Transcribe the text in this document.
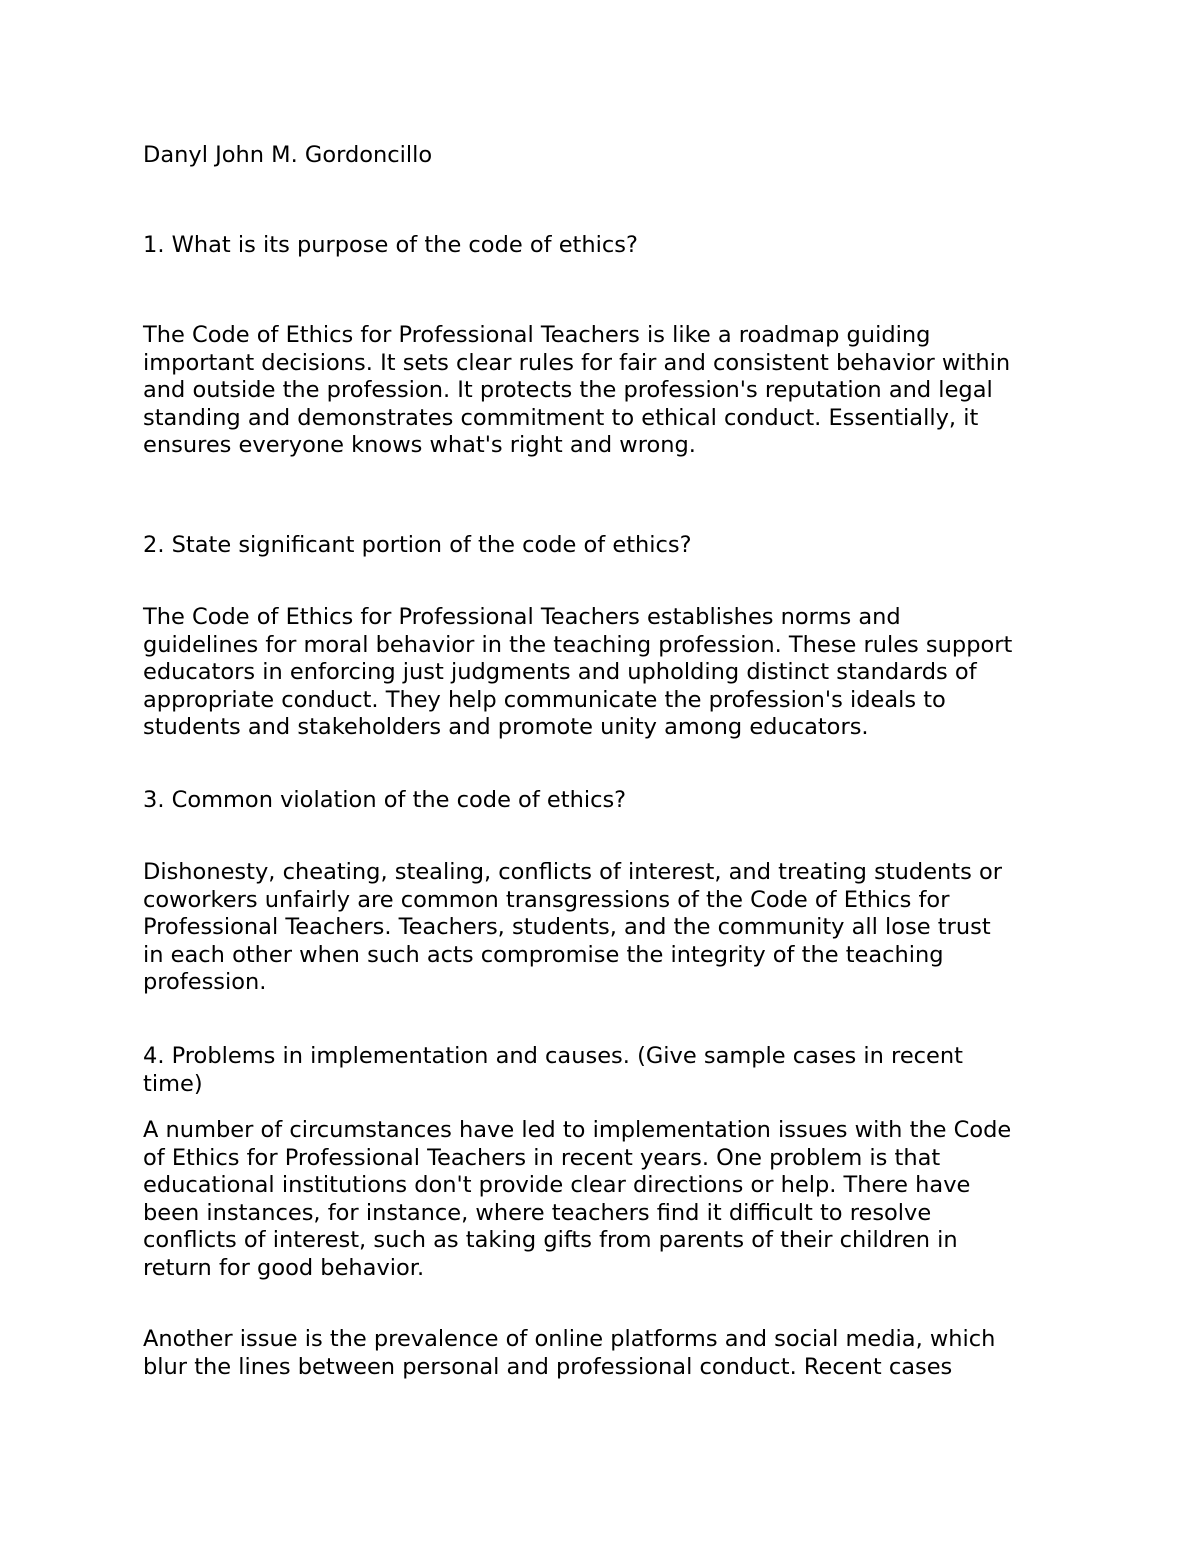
Danyl John M. Gordoncillo

1. What is its purpose of the code of ethics?

The Code of Ethics for Professional Teachers is like a roadmap guiding
important decisions. It sets clear rules for fair and consistent behavior within
and outside the profession. It protects the profession's reputation and legal
standing and demonstrates commitment to ethical conduct. Essentially, it
ensures everyone knows what's right and wrong.

2. State significant portion of the code of ethics?

The Code of Ethics for Professional Teachers establishes norms and
guidelines for moral behavior in the teaching profession. These rules support
educators in enforcing just judgments and upholding distinct standards of
appropriate conduct. They help communicate the profession's ideals to
students and stakeholders and promote unity among educators.

3. Common violation of the code of ethics?

Dishonesty, cheating, stealing, conflicts of interest, and treating students or
coworkers unfairly are common transgressions of the Code of Ethics for
Professional Teachers. Teachers, students, and the community all lose trust
in each other when such acts compromise the integrity of the teaching
profession.

4. Problems in implementation and causes. (Give sample cases in recent
time)

A number of circumstances have led to implementation issues with the Code
of Ethics for Professional Teachers in recent years. One problem is that
educational institutions don't provide clear directions or help. There have
been instances, for instance, where teachers find it difficult to resolve
conflicts of interest, such as taking gifts from parents of their children in
return for good behavior.

Another issue is the prevalence of online platforms and social media, which
blur the lines between personal and professional conduct. Recent cases
